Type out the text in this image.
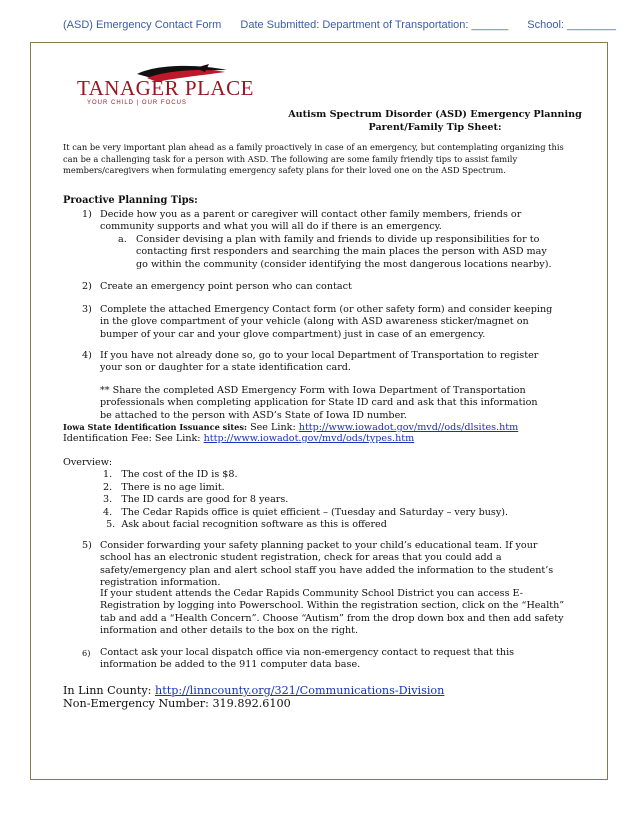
(ASD) Emergency Contact Form Date Submitted: Department of Transportation: ______ School: ________
TANAGER PLACE
YOUR CHILD | OUR FOCUS
Autism Spectrum Disorder (ASD) Emergency Planning
Parent/Family Tip Sheet:
It can be very important plan ahead as a family proactively in case of an emergency, but contemplating organizing this can be a challenging task for a person with ASD. The following are some family friendly tips to assist family members/caregivers when formulating emergency safety plans for their loved one on the ASD Spectrum.
Proactive Planning Tips:
1) Decide how you as a parent or caregiver will contact other family members, friends or community supports and what you will all do if there is an emergency.
a. Consider devising a plan with family and friends to divide up responsibilities for to contacting first responders and searching the main places the person with ASD may go within the community (consider identifying the most dangerous locations nearby).
2) Create an emergency point person who can contact
3) Complete the attached Emergency Contact form (or other safety form) and consider keeping in the glove compartment of your vehicle (along with ASD awareness sticker/magnet on bumper of your car and your glove compartment) just in case of an emergency.
4) If you have not already done so, go to your local Department of Transportation to register your son or daughter for a state identification card.
** Share the completed ASD Emergency Form with Iowa Department of Transportation professionals when completing application for State ID card and ask that this information be attached to the person with ASD’s State of Iowa ID number.
Iowa State Identification Issuance sites: See Link: http://www.iowadot.gov/mvd//ods/dlsites.htm
Identification Fee: See Link: http://www.iowadot.gov/mvd/ods/types.htm
Overview:
1. The cost of the ID is $8.
2. There is no age limit.
3. The ID cards are good for 8 years.
4. The Cedar Rapids office is quiet efficient – (Tuesday and Saturday – very busy).
5. Ask about facial recognition software as this is offered
5) Consider forwarding your safety planning packet to your child’s educational team. If your school has an electronic student registration, check for areas that you could add a safety/emergency plan and alert school staff you have added the information to the student’s registration information.
If your student attends the Cedar Rapids Community School District you can access E-Registration by logging into Powerschool. Within the registration section, click on the “Health” tab and add a “Health Concern”. Choose “Autism” from the drop down box and then add safety information and other details to the box on the right.
6) Contact ask your local dispatch office via non-emergency contact to request that this information be added to the 911 computer data base.
In Linn County: http://linncounty.org/321/Communications-Division
Non-Emergency Number: 319.892.6100
